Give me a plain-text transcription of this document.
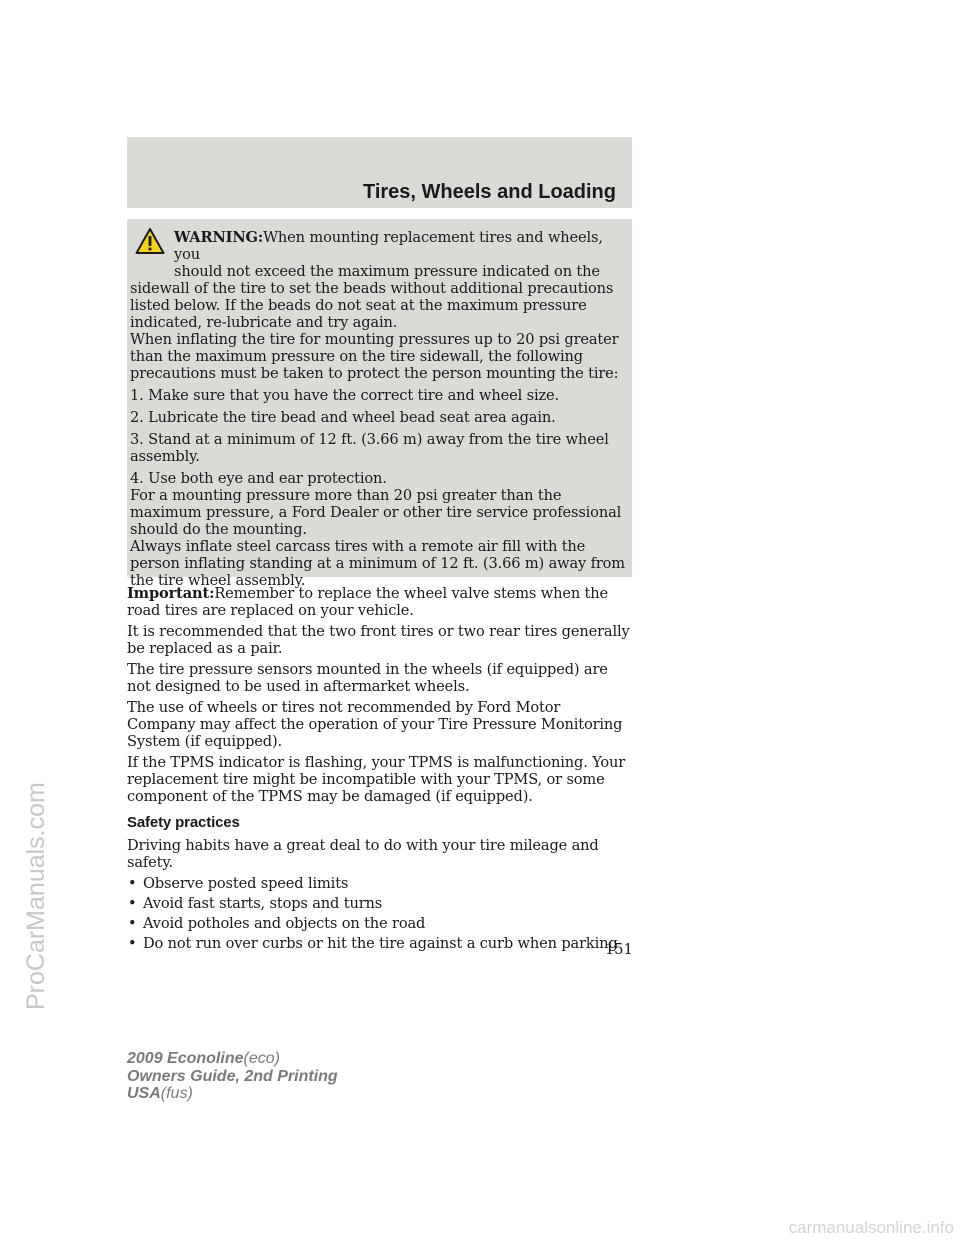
Tires, Wheels and Loading

WARNING:When mounting replacement tires and wheels, you

should not exceed the maximum pressure indicated on the

sidewall of the tire to set the beads without additional precautions

listed below. If the beads do not seat at the maximum pressure

indicated, re-lubricate and try again.

When inflating the tire for mounting pressures up to 20 psi greater than the maximum pressure on the tire sidewall, the following precautions must be taken to protect the person mounting the tire:

1. Make sure that you have the correct tire and wheel size.

2. Lubricate the tire bead and wheel bead seat area again.

3. Stand at a minimum of 12 ft. (3.66 m) away from the tire wheel assembly.

4. Use both eye and ear protection.

For a mounting pressure more than 20 psi greater than the maximum pressure, a Ford Dealer or other tire service professional should do the mounting.

Always inflate steel carcass tires with a remote air fill with the person inflating standing at a minimum of 12 ft. (3.66 m) away from the tire wheel assembly.

Important:Remember to replace the wheel valve stems when the road tires are replaced on your vehicle.

It is recommended that the two front tires or two rear tires generally be replaced as a pair.

The tire pressure sensors mounted in the wheels (if equipped) are not designed to be used in aftermarket wheels.

The use of wheels or tires not recommended by Ford Motor Company may affect the operation of your Tire Pressure Monitoring System (if equipped).

If the TPMS indicator is flashing, your TPMS is malfunctioning. Your replacement tire might be incompatible with your TPMS, or some component of the TPMS may be damaged (if equipped).

Safety practices

Driving habits have a great deal to do with your tire mileage and safety.

• Observe posted speed limits
• Avoid fast starts, stops and turns
• Avoid potholes and objects on the road
• Do not run over curbs or hit the tire against a curb when parking
151
2009 Econoline(eco)
Owners Guide, 2nd Printing
USA(fus)
ProCarManuals.com
carmanualsonline.info
